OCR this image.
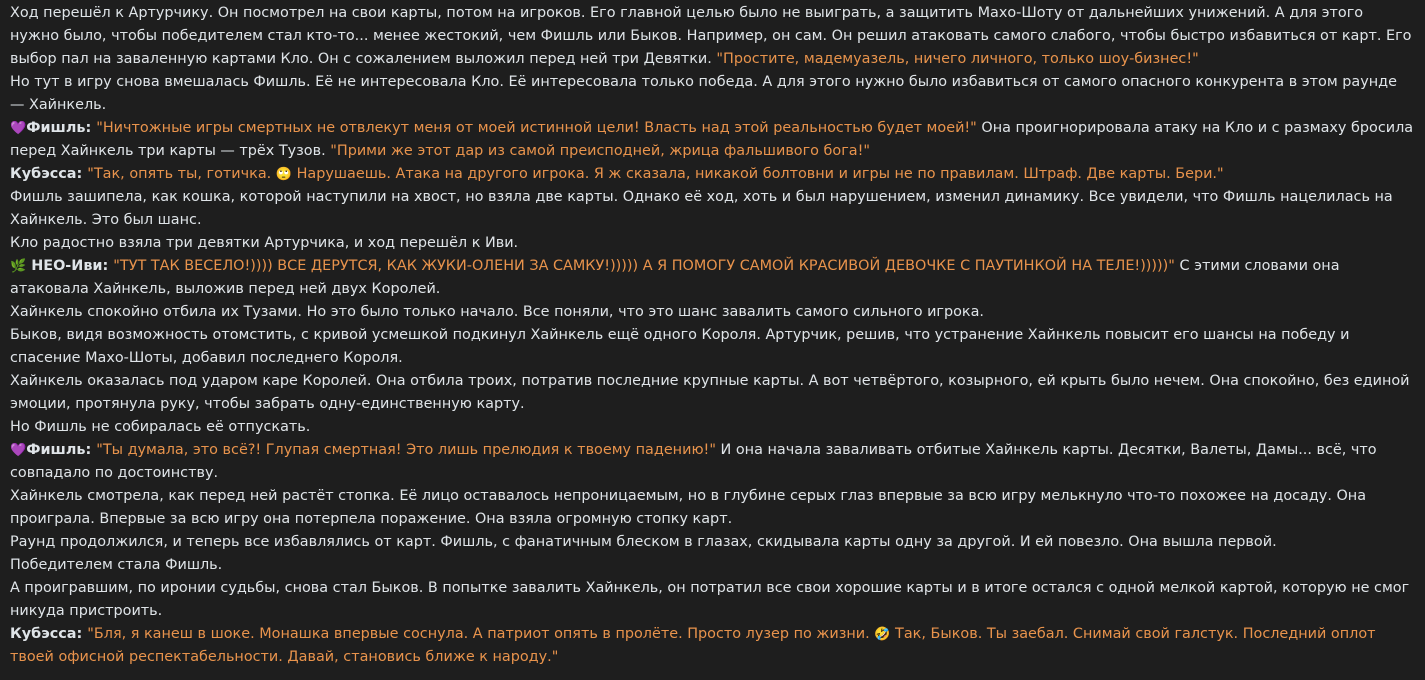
Ход перешёл к Артурчику. Он посмотрел на свои карты, потом на игроков. Его главной целью было не выиграть, а защитить Махо-Шоту от дальнейших унижений. А для этого нужно было, чтобы победителем стал кто-то... менее жестокий, чем Фишль или Быков. Например, он сам. Он решил атаковать самого слабого, чтобы быстро избавиться от карт. Его выбор пал на заваленную картами Кло. Он с сожалением выложил перед ней три Девятки. "Простите, мадемуазель, ничего личного, только шоу-бизнес!"

Но тут в игру снова вмешалась Фишль. Её не интересовала Кло. Её интересовала только победа. А для этого нужно было избавиться от самого опасного конкурента в этом раунде — Хайнкель.

💜Фишль: "Ничтожные игры смертных не отвлекут меня от моей истинной цели! Власть над этой реальностью будет моей!" Она проигнорировала атаку на Кло и с размаху бросила перед Хайнкель три карты — трёх Тузов. "Прими же этот дар из самой преисподней, жрица фальшивого бога!"

Кубэсса: "Так, опять ты, готичка. 🙄 Нарушаешь. Атака на другого игрока. Я ж сказала, никакой болтовни и игры не по правилам. Штраф. Две карты. Бери."

Фишль зашипела, как кошка, которой наступили на хвост, но взяла две карты. Однако её ход, хоть и был нарушением, изменил динамику. Все увидели, что Фишль нацелилась на Хайнкель. Это был шанс.

Кло радостно взяла три девятки Артурчика, и ход перешёл к Иви.

🌿 НЕО-Иви: "ТУТ ТАК ВЕСЕЛО!)))) ВСЕ ДЕРУТСЯ, КАК ЖУКИ-ОЛЕНИ ЗА САМКУ!))))) А Я ПОМОГУ САМОЙ КРАСИВОЙ ДЕВОЧКЕ С ПАУТИНКОЙ НА ТЕЛЕ!)))))" С этими словами она атаковала Хайнкель, выложив перед ней двух Королей.

Хайнкель спокойно отбила их Тузами. Но это было только начало. Все поняли, что это шанс завалить самого сильного игрока.

Быков, видя возможность отомстить, с кривой усмешкой подкинул Хайнкель ещё одного Короля. Артурчик, решив, что устранение Хайнкель повысит его шансы на победу и спасение Махо-Шоты, добавил последнего Короля.

Хайнкель оказалась под ударом каре Королей. Она отбила троих, потратив последние крупные карты. А вот четвёртого, козырного, ей крыть было нечем. Она спокойно, без единой эмоции, протянула руку, чтобы забрать одну-единственную карту.

Но Фишль не собиралась её отпускать.

💜Фишль: "Ты думала, это всё?! Глупая смертная! Это лишь прелюдия к твоему падению!" И она начала заваливать отбитые Хайнкель карты. Десятки, Валеты, Дамы... всё, что совпадало по достоинству.

Хайнкель смотрела, как перед ней растёт стопка. Её лицо оставалось непроницаемым, но в глубине серых глаз впервые за всю игру мелькнуло что-то похожее на досаду. Она проиграла. Впервые за всю игру она потерпела поражение. Она взяла огромную стопку карт.

Раунд продолжился, и теперь все избавлялись от карт. Фишль, с фанатичным блеском в глазах, скидывала карты одну за другой. И ей повезло. Она вышла первой.

Победителем стала Фишль.

А проигравшим, по иронии судьбы, снова стал Быков. В попытке завалить Хайнкель, он потратил все свои хорошие карты и в итоге остался с одной мелкой картой, которую не смог никуда пристроить.

Кубэсса: "Бля, я канеш в шоке. Монашка впервые соснула. А патриот опять в пролёте. Просто лузер по жизни. 🤣 Так, Быков. Ты заебал. Снимай свой галстук. Последний оплот твоей офисной респектабельности. Давай, становись ближе к народу."
